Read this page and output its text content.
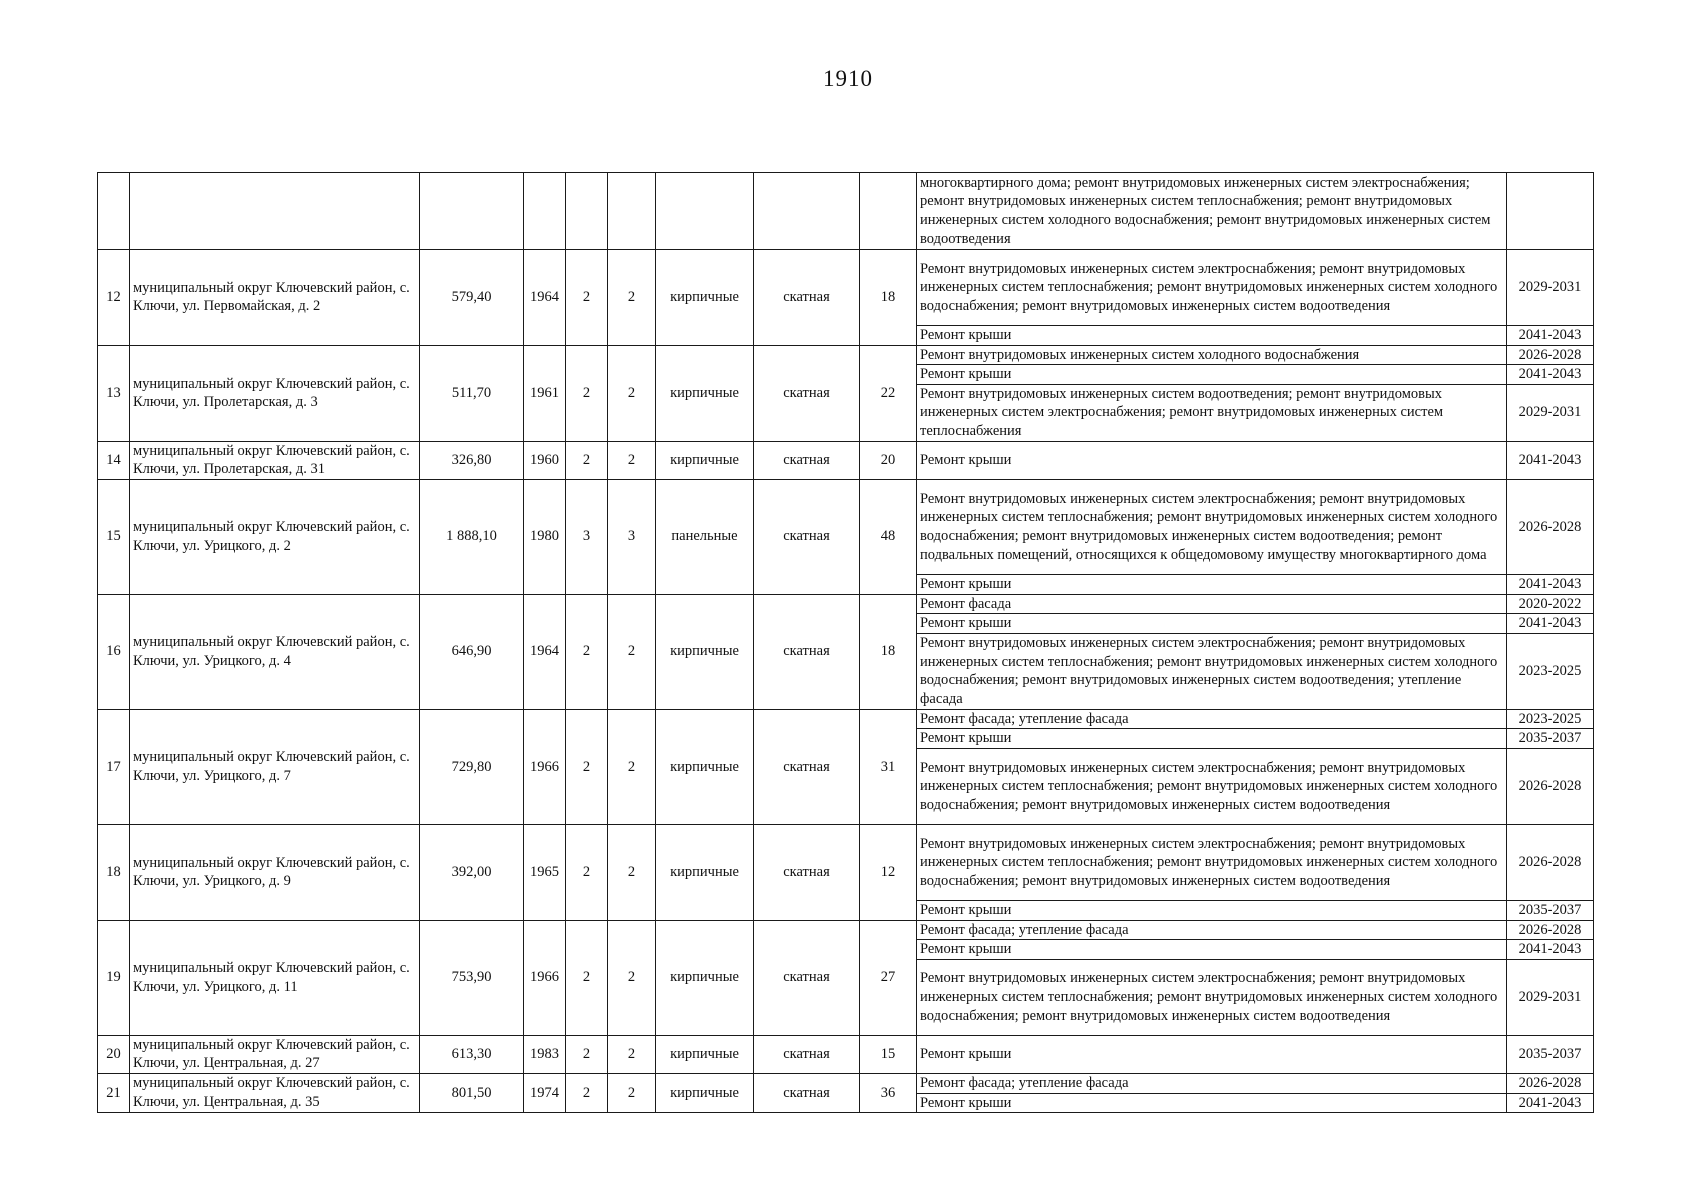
1910
									многоквартирного дома; ремонт внутридомовых инженерных систем электроснабжения; ремонт внутридомовых инженерных систем теплоснабжения; ремонт внутридомовых инженерных систем холодного водоснабжения; ремонт внутридомовых инженерных систем водоотведения	
12	муниципальный округ Ключевский район, с. Ключи, ул. Первомайская, д. 2	579,40	1964	2	2	кирпичные	скатная	18	Ремонт внутридомовых инженерных систем электроснабжения; ремонт внутридомовых инженерных систем теплоснабжения; ремонт внутридомовых инженерных систем холодного водоснабжения; ремонт внутридомовых инженерных систем водоотведения	2029-2031
									Ремонт крыши	2041-2043
13	муниципальный округ Ключевский район, с. Ключи, ул. Пролетарская, д. 3	511,70	1961	2	2	кирпичные	скатная	22	Ремонт внутридомовых инженерных систем холодного водоснабжения	2026-2028
									Ремонт крыши	2041-2043
									Ремонт внутридомовых инженерных систем водоотведения; ремонт внутридомовых инженерных систем электроснабжения; ремонт внутридомовых инженерных систем теплоснабжения	2029-2031
14	муниципальный округ Ключевский район, с. Ключи, ул. Пролетарская, д. 31	326,80	1960	2	2	кирпичные	скатная	20	Ремонт крыши	2041-2043
15	муниципальный округ Ключевский район, с. Ключи, ул. Урицкого, д. 2	1 888,10	1980	3	3	панельные	скатная	48	Ремонт внутридомовых инженерных систем электроснабжения; ремонт внутридомовых инженерных систем теплоснабжения; ремонт внутридомовых инженерных систем холодного водоснабжения; ремонт внутридомовых инженерных систем водоотведения; ремонт подвальных помещений, относящихся к общедомовому имуществу многоквартирного дома	2026-2028
									Ремонт крыши	2041-2043
16	муниципальный округ Ключевский район, с. Ключи, ул. Урицкого, д. 4	646,90	1964	2	2	кирпичные	скатная	18	Ремонт фасада	2020-2022
									Ремонт крыши	2041-2043
									Ремонт внутридомовых инженерных систем электроснабжения; ремонт внутридомовых инженерных систем теплоснабжения; ремонт внутридомовых инженерных систем холодного водоснабжения; ремонт внутридомовых инженерных систем водоотведения; утепление фасада	2023-2025
17	муниципальный округ Ключевский район, с. Ключи, ул. Урицкого, д. 7	729,80	1966	2	2	кирпичные	скатная	31	Ремонт фасада; утепление фасада	2023-2025
									Ремонт крыши	2035-2037
									Ремонт внутридомовых инженерных систем электроснабжения; ремонт внутридомовых инженерных систем теплоснабжения; ремонт внутридомовых инженерных систем холодного водоснабжения; ремонт внутридомовых инженерных систем водоотведения	2026-2028
18	муниципальный округ Ключевский район, с. Ключи, ул. Урицкого, д. 9	392,00	1965	2	2	кирпичные	скатная	12	Ремонт внутридомовых инженерных систем электроснабжения; ремонт внутридомовых инженерных систем теплоснабжения; ремонт внутридомовых инженерных систем холодного водоснабжения; ремонт внутридомовых инженерных систем водоотведения	2026-2028
									Ремонт крыши	2035-2037
19	муниципальный округ Ключевский район, с. Ключи, ул. Урицкого, д. 11	753,90	1966	2	2	кирпичные	скатная	27	Ремонт фасада; утепление фасада	2026-2028
									Ремонт крыши	2041-2043
									Ремонт внутридомовых инженерных систем электроснабжения; ремонт внутридомовых инженерных систем теплоснабжения; ремонт внутридомовых инженерных систем холодного водоснабжения; ремонт внутридомовых инженерных систем водоотведения	2029-2031
20	муниципальный округ Ключевский район, с. Ключи, ул. Центральная, д. 27	613,30	1983	2	2	кирпичные	скатная	15	Ремонт крыши	2035-2037
21	муниципальный округ Ключевский район, с. Ключи, ул. Центральная, д. 35	801,50	1974	2	2	кирпичные	скатная	36	Ремонт фасада; утепление фасада	2026-2028
									Ремонт крыши	2041-2043
